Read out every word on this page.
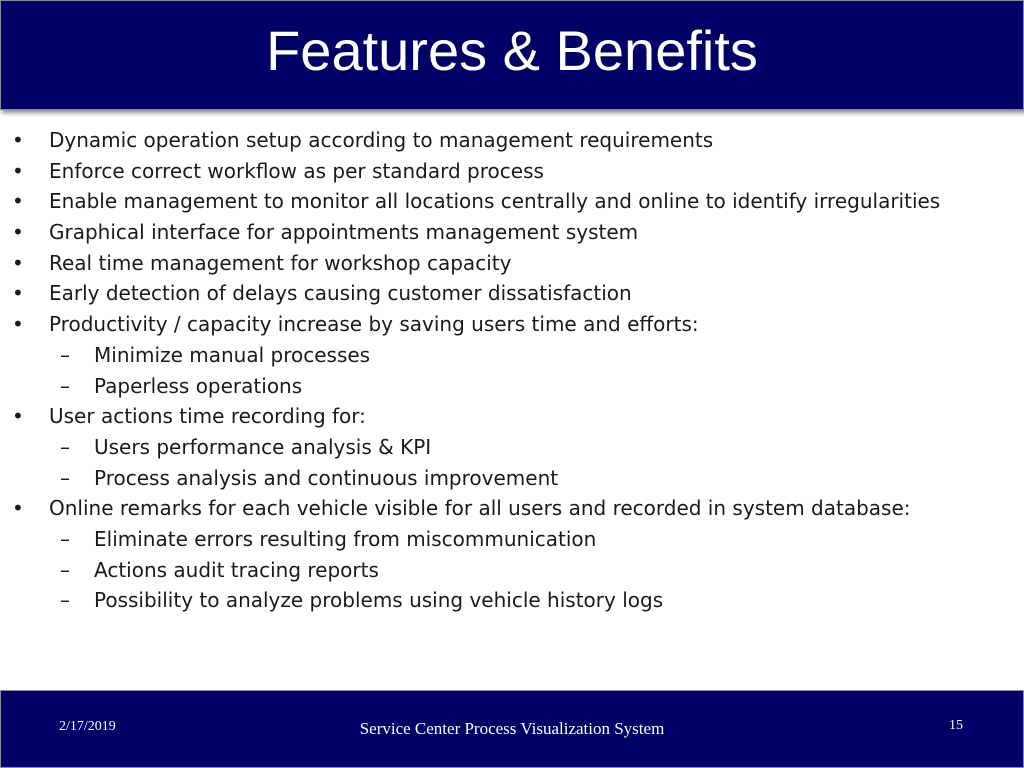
Features & Benefits
• Dynamic operation setup according to management requirements
• Enforce correct workflow as per standard process
• Enable management to monitor all locations centrally and online to identify irregularities
• Graphical interface for appointments management system
• Real time management for workshop capacity
• Early detection of delays causing customer dissatisfaction
• Productivity / capacity increase by saving users time and efforts:
– Minimize manual processes
– Paperless operations
• User actions time recording for:
– Users performance analysis & KPI
– Process analysis and continuous improvement
• Online remarks for each vehicle visible for all users and recorded in system database:
– Eliminate errors resulting from miscommunication
– Actions audit tracing reports
– Possibility to analyze problems using vehicle history logs
2/17/2019	Service Center Process Visualization System	15
